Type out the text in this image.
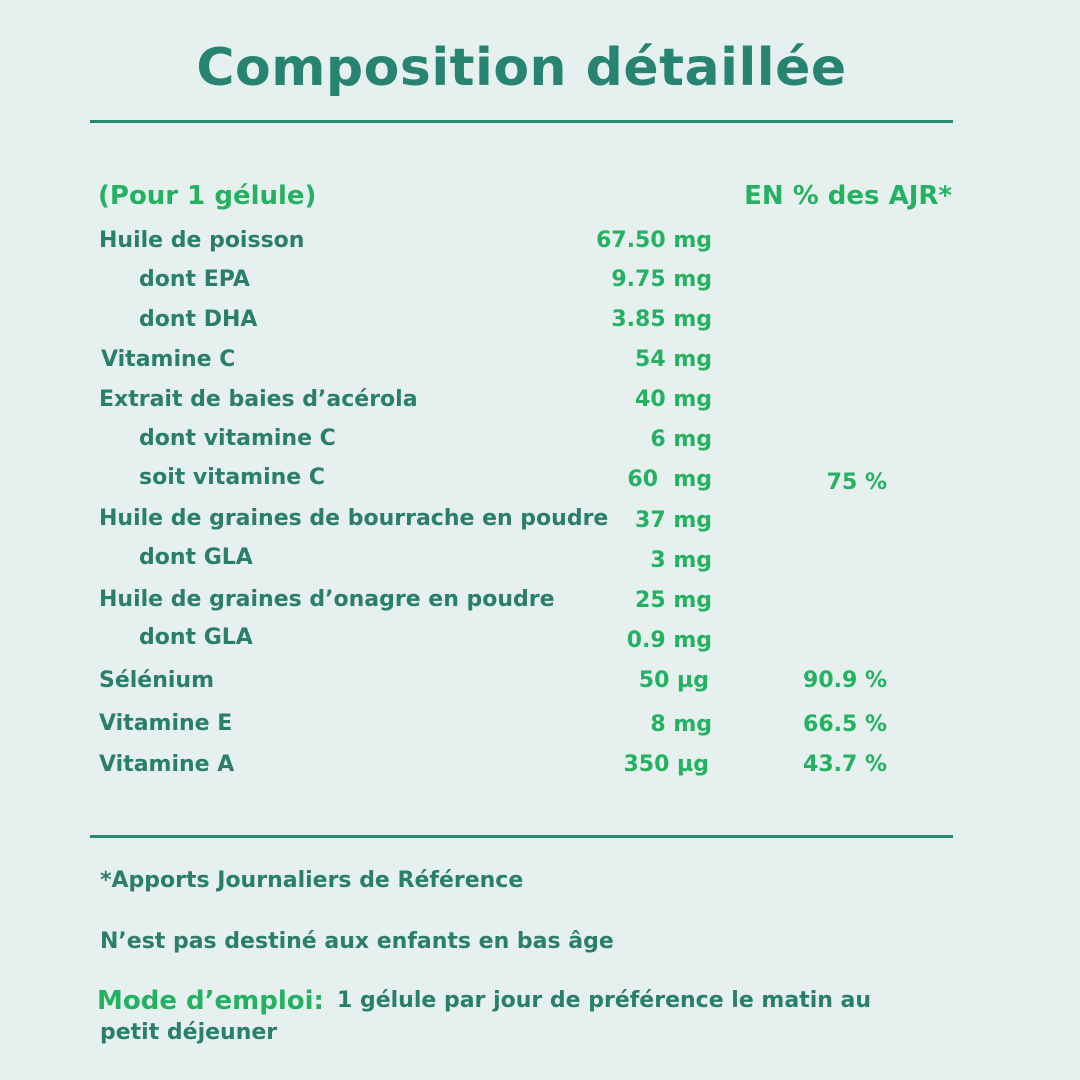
Composition détaillée
(Pour 1 gélule)	EN % des AJR*
Huile de poisson	67.50 mg
dont EPA	9.75 mg
dont DHA	3.85 mg
Vitamine C	54 mg
Extrait de baies d’acérola	40 mg
dont vitamine C	6 mg
soit vitamine C	60  mg	75 %
Huile de graines de bourrache en poudre 37 mg
dont GLA	3 mg
Huile de graines d’onagre en poudre	25 mg
dont GLA	0.9 mg
Sélénium	50 µg	90.9 %
Vitamine E	8 mg	66.5 %
Vitamine A	350 µg	43.7 %
*Apports Journaliers de Référence
N’est pas destiné aux enfants en bas âge
Mode d’emploi: 1 gélule par jour de préférence le matin au
petit déjeuner
